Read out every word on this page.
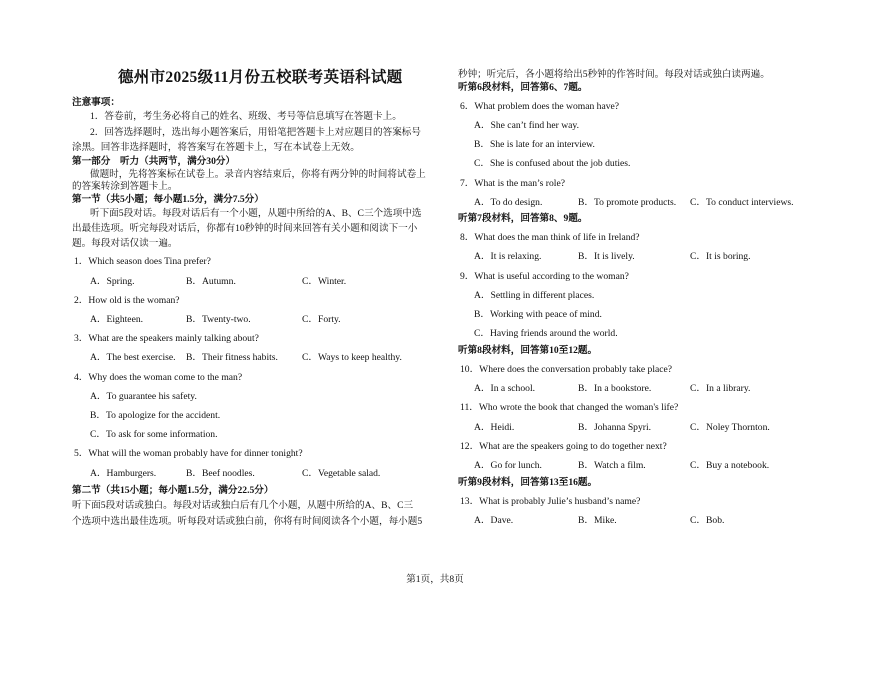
德州市2025级11月份五校联考英语科试题
注意事项：
1．答卷前，考生务必将自己的姓名、班级、考号等信息填写在答题卡上。
2．回答选择题时，选出每小题答案后，用铅笔把答题卡上对应题目的答案标号
涂黑。回答非选择题时，将答案写在答题卡上，写在本试卷上无效。
第一部分　听力（共两节，满分30分）
做题时，先将答案标在试卷上。录音内容结束后，你将有两分钟的时间将试卷上
的答案转涂到答题卡上。
第一节（共5小题；每小题1.5分，满分7.5分）
听下面5段对话。每段对话后有一个小题，从题中所给的A、B、C三个选项中选
出最佳选项。听完每段对话后，你都有10秒钟的时间来回答有关小题和阅读下一小
题。每段对话仅读一遍。
1．Which season does Tina prefer?
A．Spring.	B．Autumn.	C．Winter.
2．How old is the woman?
A．Eighteen.	B．Twenty-two.	C．Forty.
3．What are the speakers mainly talking about?
A．The best exercise. B．Their fitness habits.	C．Ways to keep healthy.
4．Why does the woman come to the man?
A．To guarantee his safety.
B．To apologize for the accident.
C．To ask for some information.
5．What will the woman probably have for dinner tonight?
A．Hamburgers.	B．Beef noodles.	C．Vegetable salad.
第二节（共15小题；每小题1.5分，满分22.5分）
听下面5段对话或独白。每段对话或独白后有几个小题，从题中所给的A、B、C三
个选项中选出最佳选项。听每段对话或独白前，你将有时间阅读各个小题，每小题5
秒钟；听完后，各小题将给出5秒钟的作答时间。每段对话或独白读两遍。
听第6段材料，回答第6、7题。
6．What problem does the woman have?
A．She can’t find her way.
B．She is late for an interview.
C．She is confused about the job duties.
7．What is the man’s role?
A．To do design.	B．To promote products. C．To conduct interviews.
听第7段材料，回答第8、9题。
8．What does the man think of life in Ireland?
A．It is relaxing.	B．It is lively.	C．It is boring.
9．What is useful according to the woman?
A．Settling in different places.
B．Working with peace of mind.
C．Having friends around the world.
听第8段材料，回答第10至12题。
10．Where does the conversation probably take place?
A．In a school.	B．In a bookstore.	C．In a library.
11．Who wrote the book that changed the woman's life?
A．Heidi.	B．Johanna Spyri.	C．Noley Thornton.
12．What are the speakers going to do together next?
A．Go for lunch.	B．Watch a film.	C．Buy a notebook.
听第9段材料，回答第13至16题。
13．What is probably Julie’s husband’s name?
A．Dave.	B．Mike.	C．Bob.
第1页，共8页
